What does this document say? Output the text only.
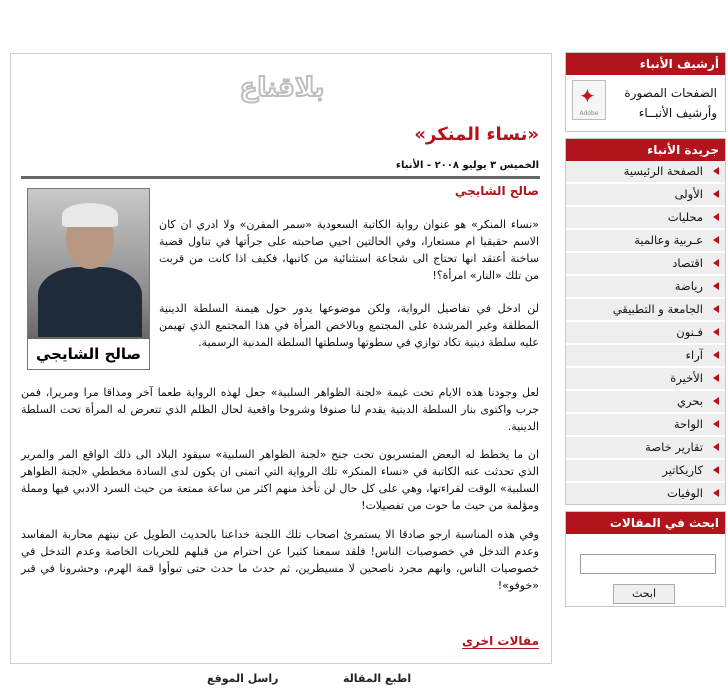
أرشيف الأنباء
✦
Adobe
الصفحات المصورة
وأرشيف الأنبــاء
جريدة الأنباء
الصفحة الرئيسية
الأولى
محليات
عـربية وعالمية
اقتصاد
رياضة
الجامعة و التطبيقي
فـنون
آراء
الأخيرة
بحري
الواحة
تقارير خاصة
كاريكاتير
الوفيات
ابحث في المقالات
ابحث
بلاقناع
«نساء المنكر»
الخميس ٣ يوليو ٢٠٠٨ - الأنباء
صالح الشايجي
صالح الشايجي

«نساء المنكر» هو عنوان رواية الكاتبة السعودية «سمر المقرن» ولا ادري ان كان الاسم حقيقيا ام مستعارا، وفي الحالتين احيي صاحبته على جرأتها في تناول قضية ساخنة أعتقد انها تحتاج الى شجاعة استثنائية من كاتبها، فكيف اذا كانت من قربت من تلك «النار» امرأة؟!

لن ادخل في تفاصيل الرواية، ولكن موضوعها يدور حول هيمنة السلطة الدينية المطلقة وغير المرشدة على المجتمع وبالاخص المرأة في هذا المجتمع الذي تهيمن عليه سلطة دينية تكاد توازي في سطوتها وسلطتها السلطة المدنية الرسمية.

لعل وجودنا هذه الايام تحت غيمة «لجنة الظواهر السلبية» جعل لهذه الرواية طعما آخر ومذاقا مرا ومريرا، فمن جرب واكتوى بنار السلطة الدينية يقدم لنا صنوفا وشروحا واقعية لحال الظلم الذي تتعرض له المرأة تحت السلطة الدينية.

ان ما يخطط له البعض المتسربون تحت جنح «لجنة الظواهر السلبية» سيقود البلاد الى ذلك الواقع المر والمرير الذي تحدثت عنه الكاتبة في «نساء المنكر» تلك الرواية التي اتمنى ان يكون لدى السادة مخططي «لجنة الظواهر السلبية» الوقت لقراءتها، وهي على كل حال لن تأخذ منهم اكثر من ساعة ممتعة من حيث السرد الادبي فيها ومملة ومؤلمة من حيث ما حوت من تفصيلات!

وفي هذه المناسبة ارجو صادقا الا يستمرئ اصحاب تلك اللجنة خداعنا بالحديث الطويل عن نيتهم محاربة المفاسد وعدم التدخل في خصوصيات الناس! فلقد سمعنا كثيرا عن احترام من قبلهم للحريات الخاصة وعدم التدخل في خصوصيات الناس، وانهم مجرد ناصحين لا مسيطرين، ثم حدث ما حدث حتى تبوأوا قمة الهرم، وحشرونا في قبر «خوفو»!

مقالات اخرى
اطبع المقالة
راسل الموقع
